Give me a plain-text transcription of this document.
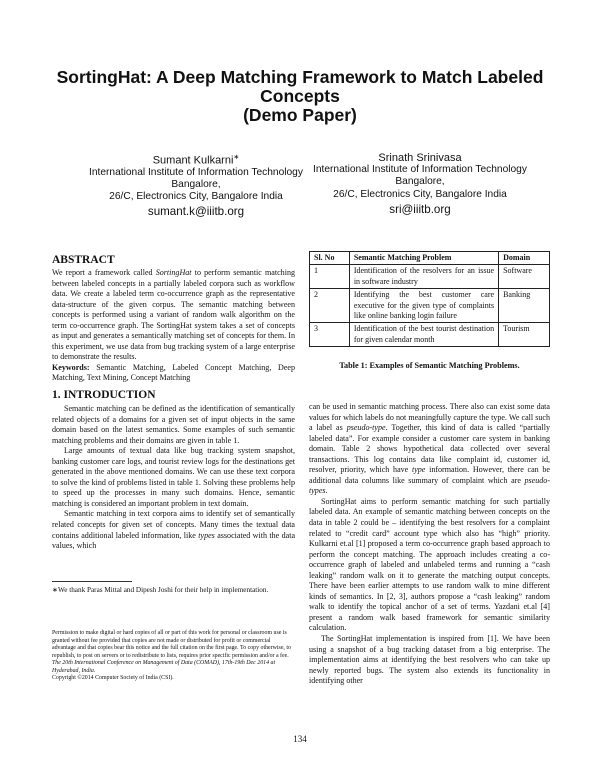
SortingHat: A Deep Matching Framework to Match Labeled
Concepts
(Demo Paper)
Sumant Kulkarni∗
International Institute of Information Technology
Bangalore,
26/C, Electronics City, Bangalore India
sumant.k@iiitb.org
Srinath Srinivasa
International Institute of Information Technology
Bangalore,
26/C, Electronics City, Bangalore India
sri@iiitb.org
ABSTRACT

We report a framework called SortingHat to perform semantic matching between labeled concepts in a partially labeled corpora such as workflow data. We create a labeled term co-occurrence graph as the representative data-structure of the given corpus. The semantic matching between concepts is performed using a variant of random walk algorithm on the term co-occurrence graph. The SortingHat system takes a set of concepts as input and generates a semantically matching set of concepts for them. In this experiment, we use data from bug tracking system of a large enterprise to demonstrate the results.

Keywords: Semantic Matching, Labeled Concept Matching, Deep Matching, Text Mining, Concept Matching

1. INTRODUCTION

Semantic matching can be defined as the identification of semantically related objects of a domains for a given set of input objects in the same domain based on the latest semantics. Some examples of such semantic matching problems and their domains are given in table 1.

Large amounts of textual data like bug tracking system snapshot, banking customer care logs, and tourist review logs for the destinations get generated in the above mentioned domains. We can use these text corpora to solve the kind of problems listed in table 1. Solving these problems help to speed up the processes in many such domains. Hence, semantic matching is considered an important problem in text domain.

Semantic matching in text corpora aims to identify set of semantically related concepts for given set of concepts. Many times the textual data contains additional labeled information, like types associated with the data values, which

∗We thank Paras Mittal and Dipesh Joshi for their help in implementation.
Permission to make digital or hard copies of all or part of this work for personal or classroom use is granted without fee provided that copies are not made or distributed for profit or commercial advantage and that copies bear this notice and the full citation on the first page. To copy otherwise, to republish, to post on servers or to redistribute to lists, requires prior specific permission and/or a fee.
The 20th International Conference on Management of Data (COMAD), 17th-19th Dec 2014 at Hyderabad, India.
Copyright ©2014 Computer Society of India (CSI).
Sl. No	Semantic Matching Problem	Domain
1	Identification of the resolvers for an issue in software industry	Software
2	Identifying the best customer care executive for the given type of complaints like online banking login failure	Banking
3	Identification of the best tourist destination for given calendar month	Tourism
Table 1: Examples of Semantic Matching Problems.

can be used in semantic matching process. There also can exist some data values for which labels do not meaningfully capture the type. We call such a label as pseudo-type. Together, this kind of data is called “partially labeled data”. For example consider a customer care system in banking domain. Table 2 shows hypothetical data collected over several transactions. This log contains data like complaint id, customer id, resolver, priority, which have type information. However, there can be additional data columns like summary of complaint which are pseudo-types.

SortingHat aims to perform semantic matching for such partially labeled data. An example of semantic matching between concepts on the data in table 2 could be – identifying the best resolvers for a complaint related to “credit card” account type which also has “high” priority. Kulkarni et.al [1] proposed a term co-occurrence graph based approach to perform the concept matching. The approach includes creating a co-occurrence graph of labeled and unlabeled terms and running a “cash leaking” random walk on it to generate the matching output concepts. There have been earlier attempts to use random walk to mine different kinds of semantics. In [2, 3], authors propose a “cash leaking” random walk to identify the topical anchor of a set of terms. Yazdani et.al [4] present a random walk based framework for semantic similarity calculation.

The SortingHat implementation is inspired from [1]. We have been using a snapshot of a bug tracking dataset from a big enterprise. The implementation aims at identifying the best resolvers who can take up newly reported bugs. The system also extends its functionality in identifying other

134
